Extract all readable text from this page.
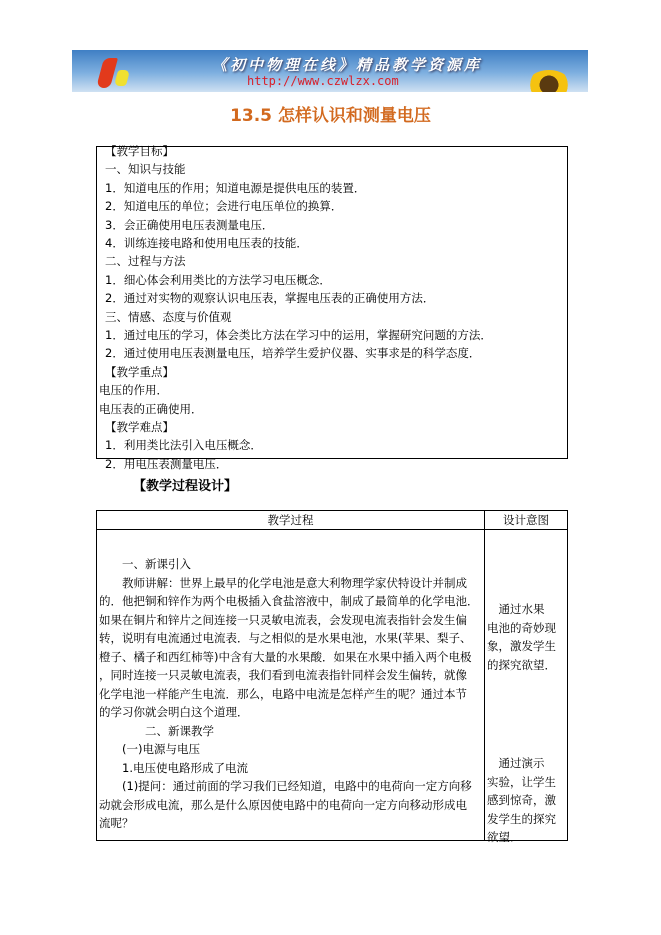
《初中物理在线》精品教学资源库
http://www.czwlzx.com
13.5 怎样认识和测量电压
【教学目标】
一、知识与技能
1．知道电压的作用；知道电源是提供电压的装置．
2．知道电压的单位；会进行电压单位的换算．
3．会正确使用电压表测量电压．
4．训练连接电路和使用电压表的技能．
二、过程与方法
1．细心体会利用类比的方法学习电压概念．
2．通过对实物的观察认识电压表，掌握电压表的正确使用方法．
三、情感、态度与价值观
1．通过电压的学习，体会类比方法在学习中的运用，掌握研究问题的方法．
2．通过使用电压表测量电压，培养学生爱护仪器、实事求是的科学态度．
【教学重点】
电压的作用．
电压表的正确使用．
【教学难点】
1．利用类比法引入电压概念．
2．用电压表测量电压．
【教学过程设计】
教学过程	设计意图
　　一、新课引入
　　教师讲解：世界上最早的化学电池是意大利物理学家伏特设计并制成
的．他把铜和锌作为两个电极插入食盐溶液中，制成了最简单的化学电池．
如果在铜片和锌片之间连接一只灵敏电流表，会发现电流表指针会发生偏
转，说明有电流通过电流表．与之相似的是水果电池，水果(苹果、梨子、
橙子、橘子和西红柿等)中含有大量的水果酸．如果在水果中插入两个电极
，同时连接一只灵敏电流表，我们看到电流表指针同样会发生偏转，就像
化学电池一样能产生电流．那么，电路中电流是怎样产生的呢？通过本节
的学习你就会明白这个道理．
　　　　二、新课教学
　　(一)电源与电压
　　1.电压使电路形成了电流
　　(1)提问：通过前面的学习我们已经知道，电路中的电荷向一定方向移
动就会形成电流，那么是什么原因使电路中的电荷向一定方向移动形成电
流呢？
　通过水果
电池的奇妙现
象，激发学生
的探究欲望．
　通过演示
实验，让学生
感到惊奇，激
发学生的探究
欲望．
